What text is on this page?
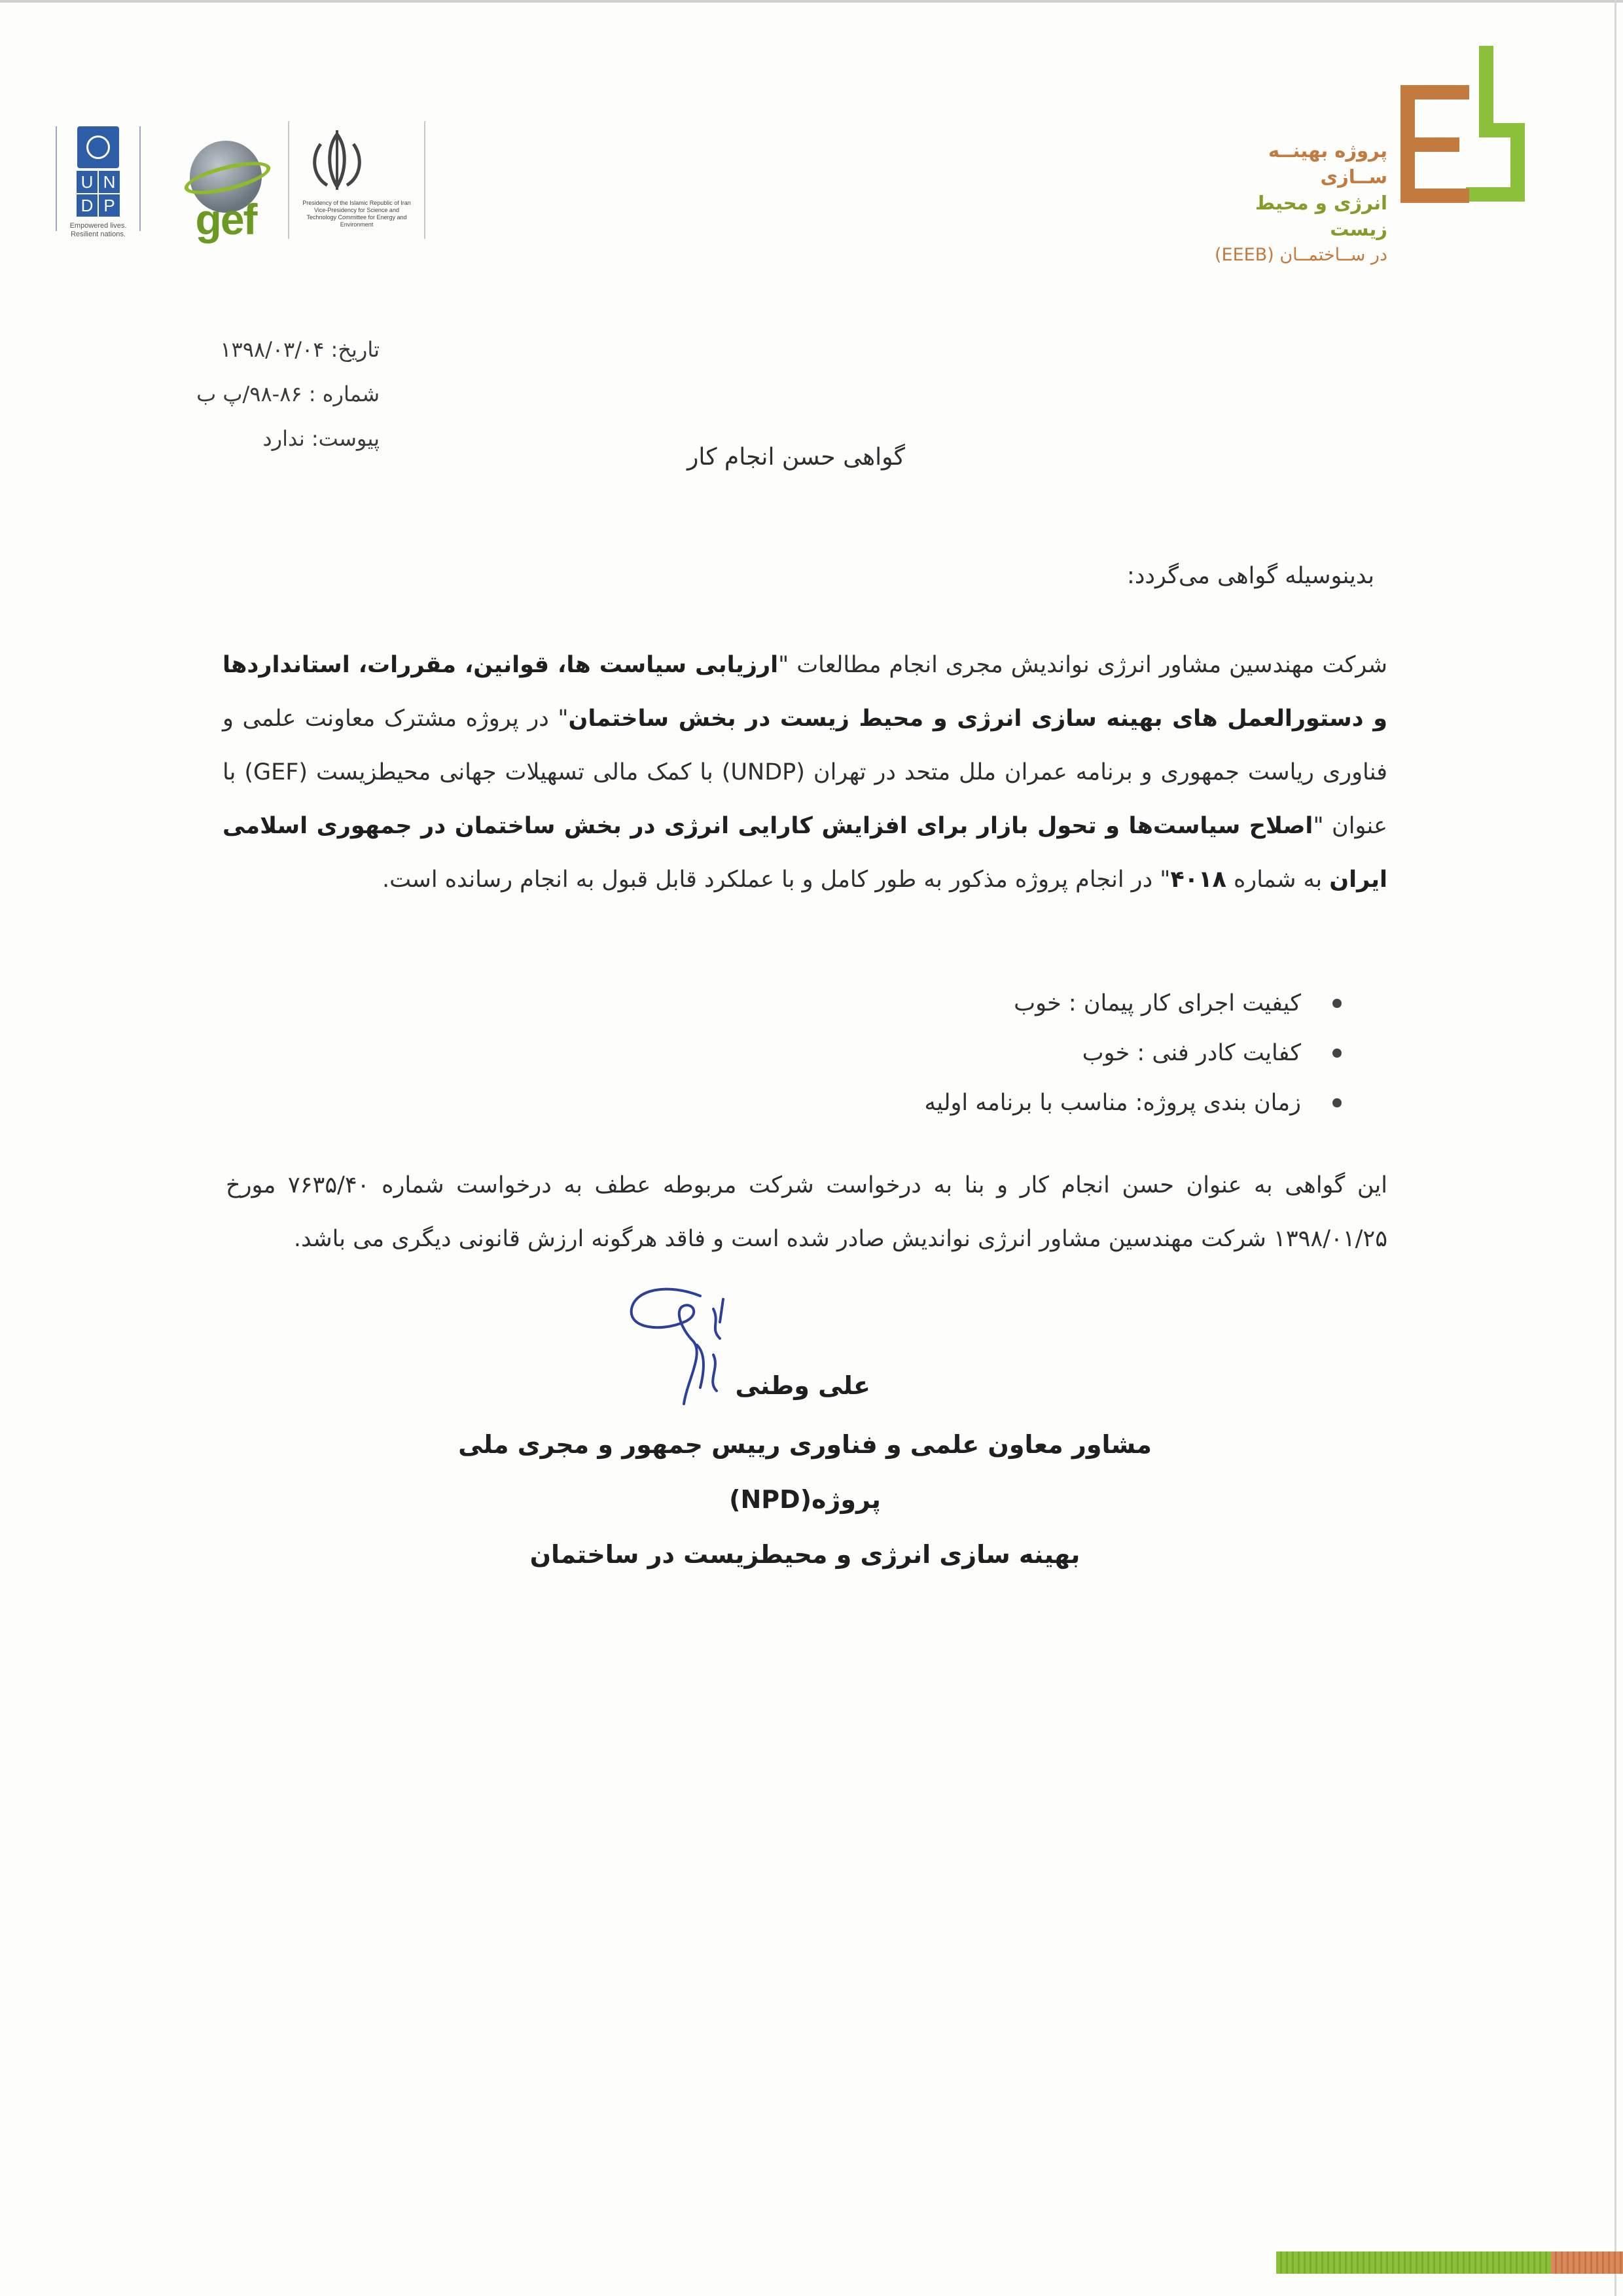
U N
D P
Empowered lives. Resilient nations.	gef	Presidency of the Islamic Republic of Iran Vice-Presidency for Science and Technology Committee for Energy and Environment
پروژه بهینــه ســازی
انرژی و محیط زیست
در ســاختمــان (EEEB)
تاریخ: ۱۳۹۸/۰۳/۰۴
شماره : ۸۶-۹۸/پ ب
پیوست: ندارد
گواهی حسن انجام کار
بدینوسیله گواهی می‌گردد:
شرکت مهندسین مشاور انرژی نواندیش مجری انجام مطالعات "ارزیابی سیاست ها، قوانین، مقررات، استانداردها و دستورالعمل های بهینه سازی انرژی و محیط زیست در بخش ساختمان" در پروژه مشترک معاونت علمی و فناوری ریاست جمهوری و برنامه عمران ملل متحد در تهران (UNDP) با کمک مالی تسهیلات جهانی محیطزیست (GEF) با عنوان "اصلاح سیاست‌ها و تحول بازار برای افزایش کارایی انرژی در بخش ساختمان در جمهوری اسلامی ایران به شماره ۴۰۱۸" در انجام پروژه مذکور به طور کامل و با عملکرد قابل قبول به انجام رسانده است.
کیفیت اجرای کار پیمان : خوب
کفایت کادر فنی : خوب
زمان بندی پروژه: مناسب با برنامه اولیه
این گواهی به عنوان حسن انجام کار و بنا به درخواست شرکت مربوطه عطف به درخواست شماره ۷۶۳۵/۴۰ مورخ ۱۳۹۸/۰۱/۲۵ شرکت مهندسین مشاور انرژی نواندیش صادر شده است و فاقد هرگونه ارزش قانونی دیگری می باشد.
علی وطنی
مشاور معاون علمی و فناوری رییس جمهور و مجری ملی پروژه(NPD)
بهینه سازی انرژی و محیطزیست در ساختمان
